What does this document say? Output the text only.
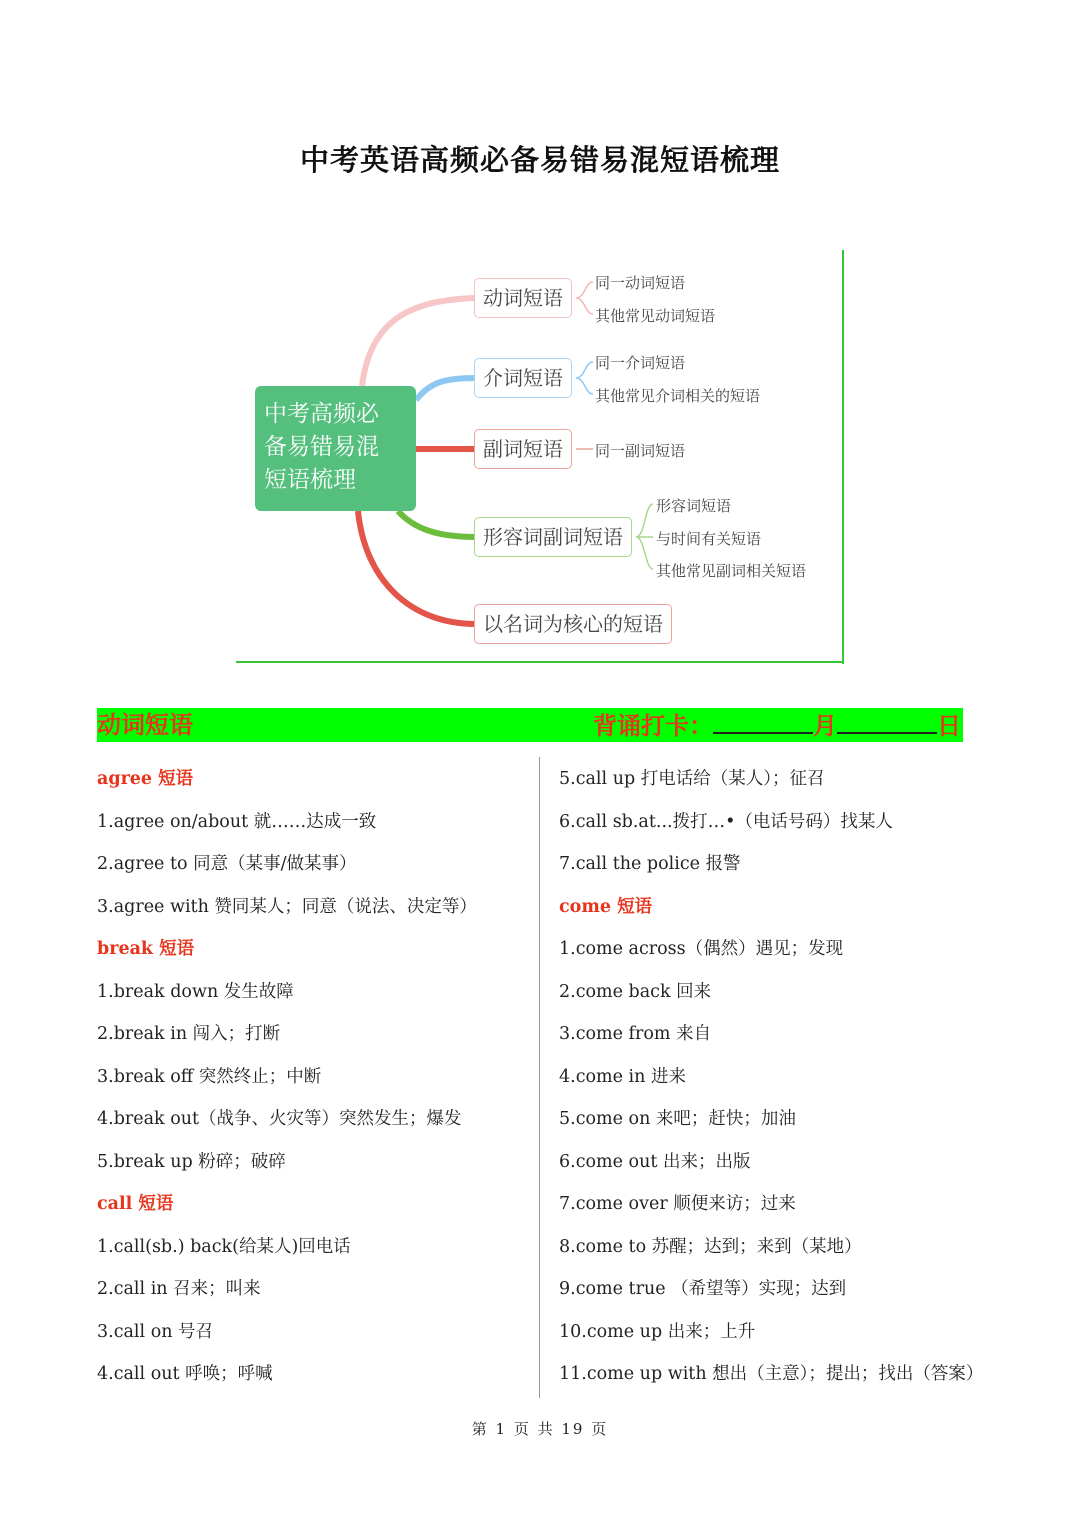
中考英语高频必备易错易混短语梳理
中考高频必
备易错易混
短语梳理
动词短语
介词短语
副词短语
形容词副词短语
以名词为核心的短语
同一动词短语
其他常见动词短语
同一介词短语
其他常见介词相关的短语
同一副词短语
形容词短语
与时间有关短语
其他常见副词相关短语
动词短语	背诵打卡：	月	日
agree 短语
1.agree on/about 就……达成一致
2.agree to 同意（某事/做某事）
3.agree with 赞同某人；同意（说法、决定等）
break 短语
1.break down 发生故障
2.break in 闯入；打断
3.break off 突然终止；中断
4.break out（战争、火灾等）突然发生；爆发
5.break up 粉碎；破碎
call 短语
1.call(sb.) back(给某人)回电话
2.call in 召来；叫来
3.call on 号召
4.call out 呼唤；呼喊
5.call up 打电话给（某人）；征召
6.call sb.at...拨打…•（电话号码）找某人
7.call the police 报警
come 短语
1.come across（偶然）遇见；发现
2.come back 回来
3.come from 来自
4.come in 进来
5.come on 来吧；赶快；加油
6.come out 出来；出版
7.come over 顺便来访；过来
8.come to 苏醒；达到；来到（某地）
9.come true （希望等）实现；达到
10.come up 出来；上升
11.come up with 想出（主意）；提出；找出（答案）
第 1 页 共 19 页
